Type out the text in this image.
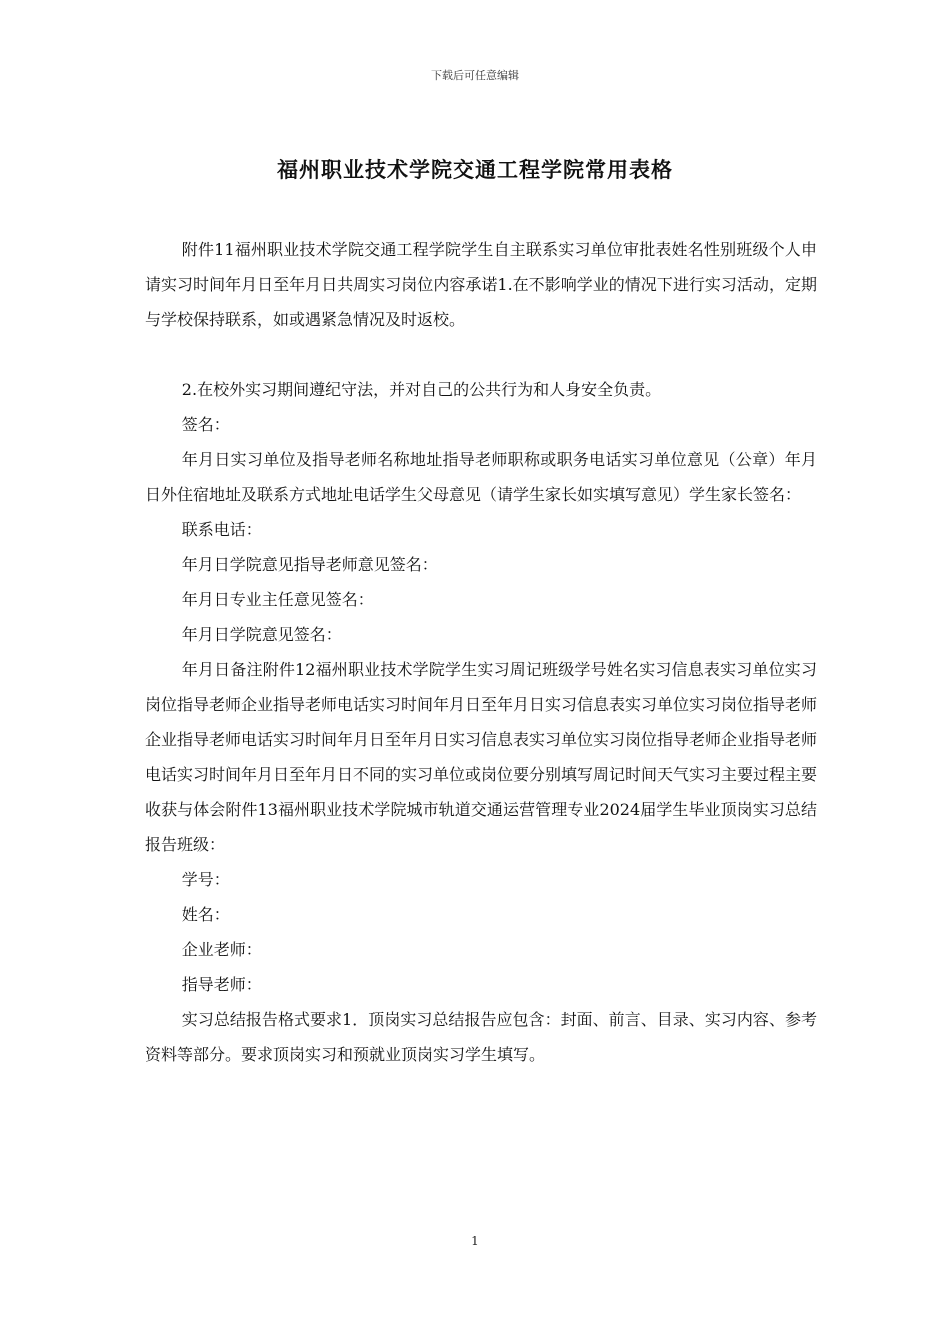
下载后可任意编辑
福州职业技术学院交通工程学院常用表格

附件11福州职业技术学院交通工程学院学生自主联系实习单位审批表姓名性别班级个人申请实习时间年月日至年月日共周实习岗位内容承诺1.在不影响学业的情况下进行实习活动，定期与学校保持联系，如或遇紧急情况及时返校。

2.在校外实习期间遵纪守法，并对自己的公共行为和人身安全负责。

签名：

年月日实习单位及指导老师名称地址指导老师职称或职务电话实习单位意见（公章）年月日外住宿地址及联系方式地址电话学生父母意见（请学生家长如实填写意见）学生家长签名：

联系电话：

年月日学院意见指导老师意见签名：

年月日专业主任意见签名：

年月日学院意见签名：

年月日备注附件12福州职业技术学院学生实习周记班级学号姓名实习信息表实习单位实习岗位指导老师企业指导老师电话实习时间年月日至年月日实习信息表实习单位实习岗位指导老师企业指导老师电话实习时间年月日至年月日实习信息表实习单位实习岗位指导老师企业指导老师电话实习时间年月日至年月日不同的实习单位或岗位要分别填写周记时间天气实习主要过程主要收获与体会附件13福州职业技术学院城市轨道交通运营管理专业2024届学生毕业顶岗实习总结报告班级：

学号：

姓名：

企业老师：

指导老师：

实习总结报告格式要求1．顶岗实习总结报告应包含：封面、前言、目录、实习内容、参考资料等部分。要求顶岗实习和预就业顶岗实习学生填写。

1
